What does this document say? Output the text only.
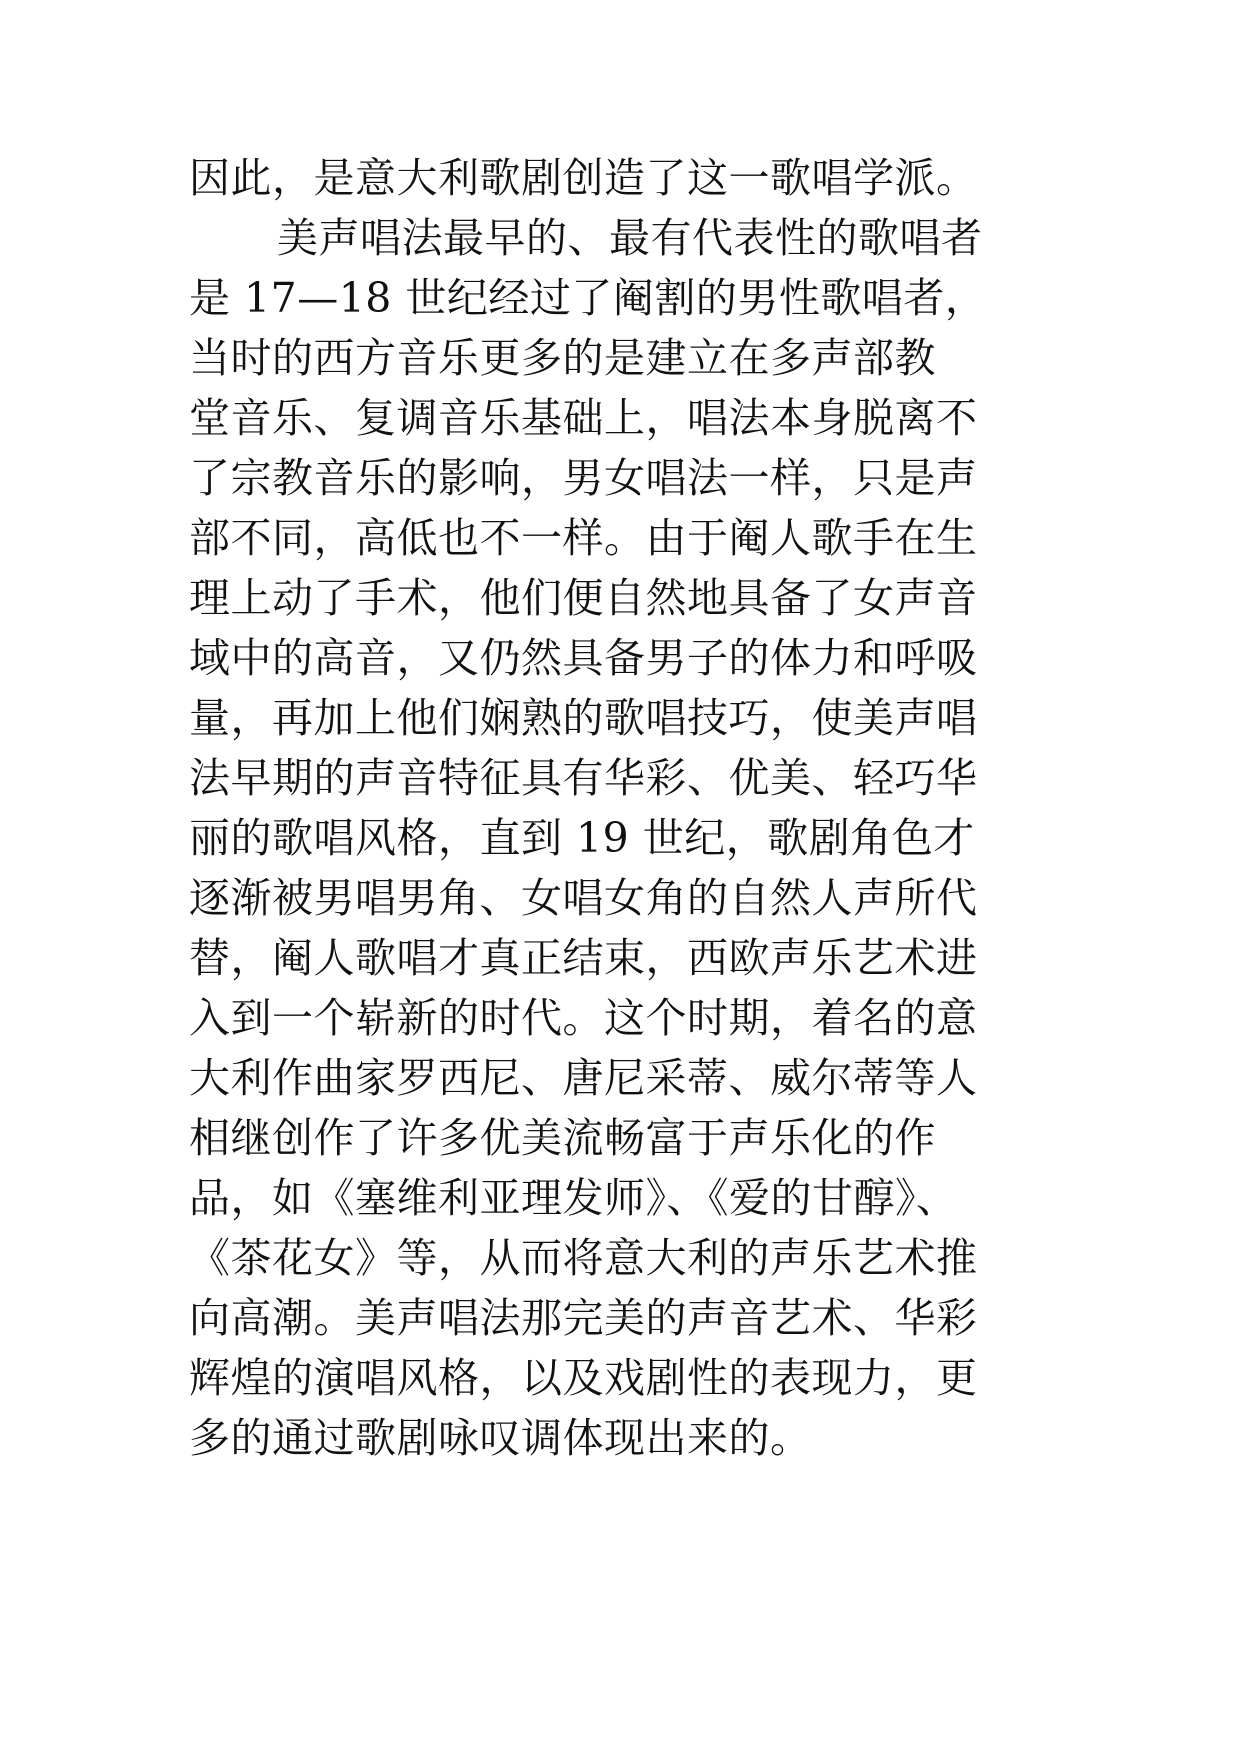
因此，是意大利歌剧创造了这一歌唱学派。
美声唱法最早的、最有代表性的歌唱者
是 17—18 世纪经过了阉割的男性歌唱者，
当时的西方音乐更多的是建立在多声部教
堂音乐、复调音乐基础上，唱法本身脱离不
了宗教音乐的影响，男女唱法一样，只是声
部不同，高低也不一样。由于阉人歌手在生
理上动了手术，他们便自然地具备了女声音
域中的高音，又仍然具备男子的体力和呼吸
量，再加上他们娴熟的歌唱技巧，使美声唱
法早期的声音特征具有华彩、优美、轻巧华
丽的歌唱风格，直到 19 世纪，歌剧角色才
逐渐被男唱男角、女唱女角的自然人声所代
替，阉人歌唱才真正结束，西欧声乐艺术进
入到一个崭新的时代。这个时期，着名的意
大利作曲家罗西尼、唐尼采蒂、威尔蒂等人
相继创作了许多优美流畅富于声乐化的作
品，如《塞维利亚理发师》、《爱的甘醇》、
《茶花女》等，从而将意大利的声乐艺术推
向高潮。美声唱法那完美的声音艺术、华彩
辉煌的演唱风格，以及戏剧性的表现力，更
多的通过歌剧咏叹调体现出来的。
